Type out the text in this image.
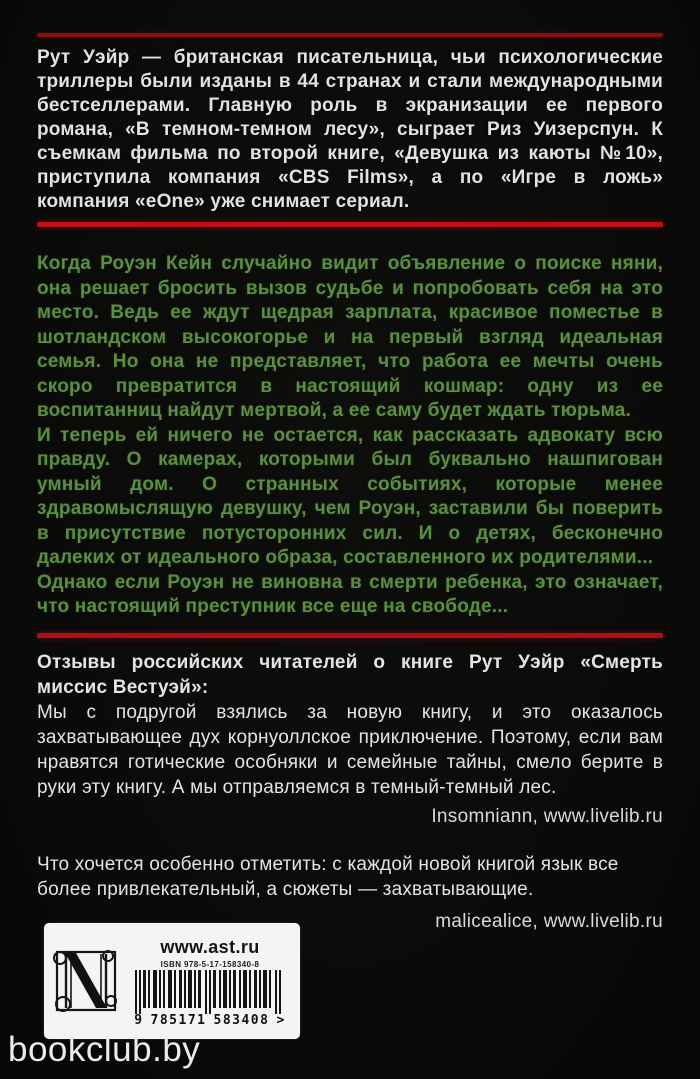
Рут Уэйр — британская писательница, чьи психологические триллеры были изданы в 44 странах и стали международными бестселлерами. Главную роль в экранизации ее первого романа, «В темном-темном лесу», сыграет Риз Уизерспун. К съемкам фильма по второй книге, «Девушка из каюты №10», приступила компания «CBS Films», а по «Игре в ложь» компания «eOne» уже снимает сериал.

Когда Роуэн Кейн случайно видит объявление о поиске няни, она решает бросить вызов судьбе и попробовать себя на это место. Ведь ее ждут щедрая зарплата, красивое поместье в шотландском высокогорье и на первый взгляд идеальная семья. Но она не представляет, что работа ее мечты очень скоро превратится в настоящий кошмар: одну из ее воспитанниц найдут мертвой, а ее саму будет ждать тюрьма.

И теперь ей ничего не остается, как рассказать адвокату всю правду. О камерах, которыми был буквально нашпигован умный дом. О странных событиях, которые менее здравомыслящую девушку, чем Роуэн, заставили бы поверить в присутствие потусторонних сил. И о детях, бесконечно далеких от идеального образа, составленного их родителями...

Однако если Роуэн не виновна в смерти ребенка, это означает, что настоящий преступник все еще на свободе...

Отзывы российских читателей о книге Рут Уэйр «Смерть миссис Вестуэй»:

Мы с подругой взялись за новую книгу, и это оказалось захватывающее дух корнуоллское приключение. Поэтому, если вам нравятся готические особняки и семейные тайны, смело берите в руки эту книгу. А мы отправляемся в темный-темный лес.

Insomniann, www.livelib.ru

Что хочется особенно отметить: с каждой новой книгой язык все более привлекательный, а сюжеты — захватывающие.

malicealice, www.livelib.ru
www.ast.ru
ISBN 978-5-17-158340-8
9 785171 583408 >
bookclub.by
